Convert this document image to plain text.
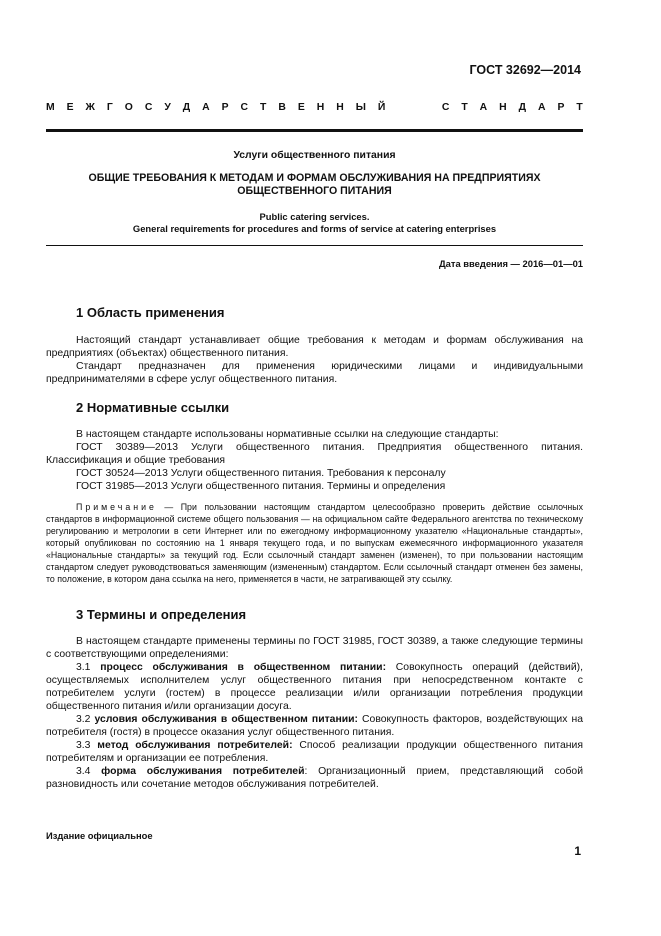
ГОСТ 32692—2014
М Е Ж Г О С У Д А Р С Т В Е Н Н Ы Й

	С Т А Н Д А Р Т
Услуги общественного питания
ОБЩИЕ ТРЕБОВАНИЯ К МЕТОДАМ И ФОРМАМ ОБСЛУЖИВАНИЯ НА ПРЕДПРИЯТИЯХ ОБЩЕСТВЕННОГО ПИТАНИЯ
Public catering services.
General requirements for procedures and forms of service at catering enterprises
Дата введения — 2016—01—01
1 Область применения

Настоящий стандарт устанавливает общие требования к методам и формам обслуживания на предприятиях (объектах) общественного питания.

Стандарт предназначен для применения юридическими лицами и индивидуальными предпринимателями в сфере услуг общественного питания.

2 Нормативные ссылки

В настоящем стандарте использованы нормативные ссылки на следующие стандарты:

ГОСТ 30389—2013 Услуги общественного питания. Предприятия общественного питания. Классификация и общие требования

ГОСТ 30524—2013 Услуги общественного питания. Требования к персоналу

ГОСТ 31985—2013 Услуги общественного питания. Термины и определения

Примечание — При пользовании настоящим стандартом целесообразно проверить действие ссылочных стандартов в информационной системе общего пользования — на официальном сайте Федерального агентства по техническому регулированию и метрологии в сети Интернет или по ежегодному информационному указателю «Национальные стандарты», который опубликован по состоянию на 1 января текущего года, и по выпускам ежемесячного информационного указателя «Национальные стандарты» за текущий год. Если ссылочный стандарт заменен (изменен), то при пользовании настоящим стандартом следует руководствоваться заменяющим (измененным) стандартом. Если ссылочный стандарт отменен без замены, то положение, в котором дана ссылка на него, применяется в части, не затрагивающей эту ссылку.

3 Термины и определения

В настоящем стандарте применены термины по ГОСТ 31985, ГОСТ 30389, а также следующие термины с соответствующими определениями:

3.1 процесс обслуживания в общественном питании: Совокупность операций (действий), осуществляемых исполнителем услуг общественного питания при непосредственном контакте с потребителем услуги (гостем) в процессе реализации и/или организации потребления продукции общественного питания и/или организации досуга.

3.2 условия обслуживания в общественном питании: Совокупность факторов, воздействующих на потребителя (гостя) в процессе оказания услуг общественного питания.

3.3 метод обслуживания потребителей: Способ реализации продукции общественного питания потребителям и организации ее потребления.

3.4 форма обслуживания потребителей: Организационный прием, представляющий собой разновидность или сочетание методов обслуживания потребителей.

Издание официальное
1
